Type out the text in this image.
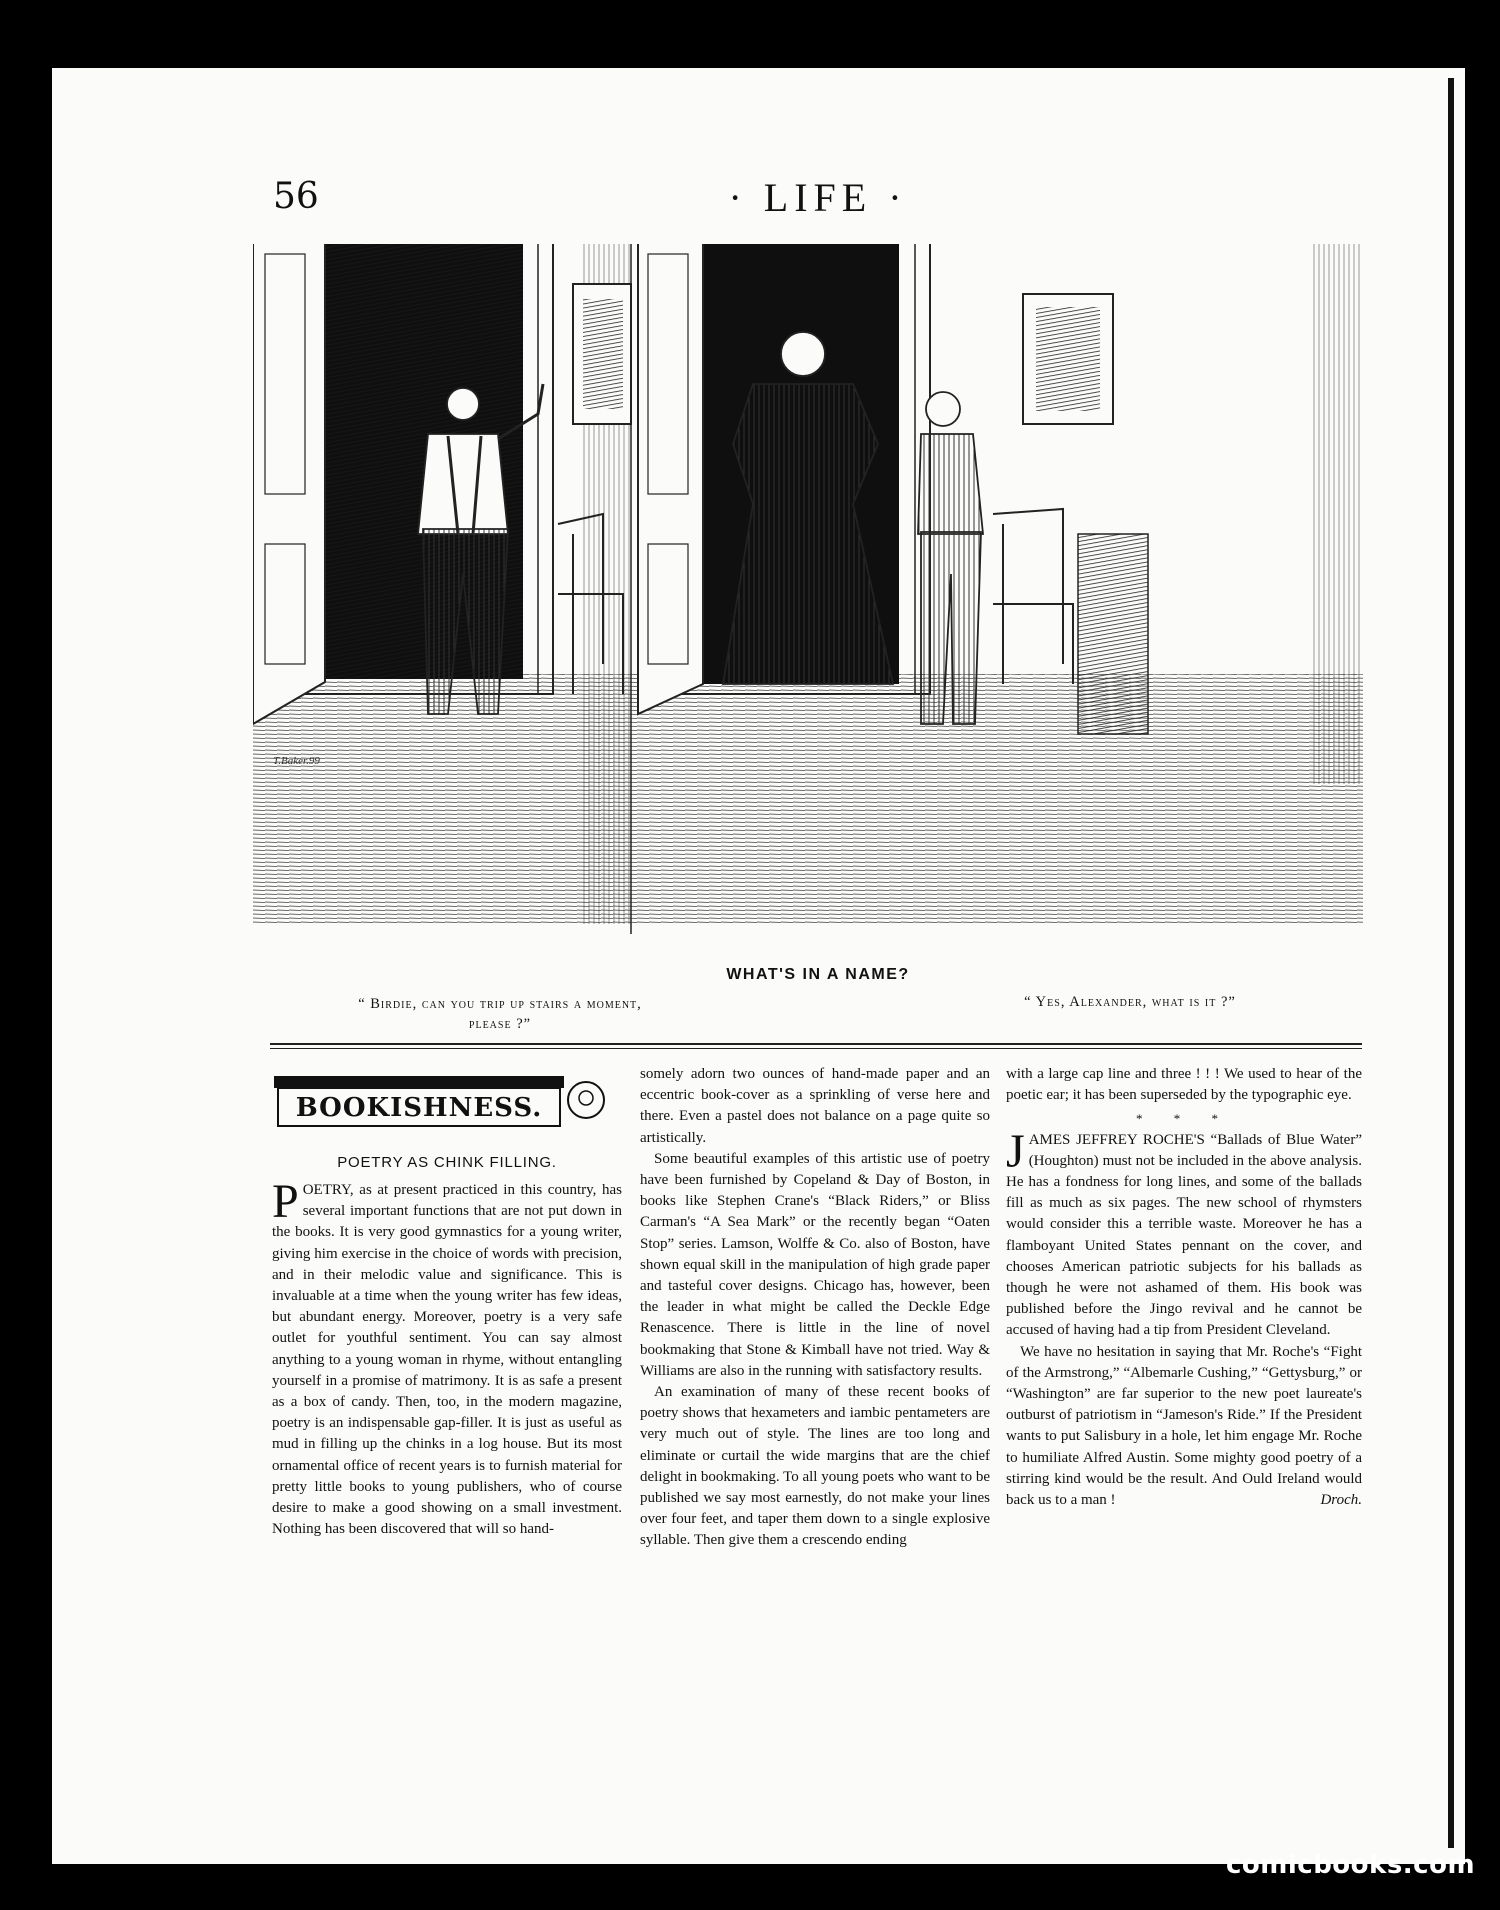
56	· LIFE ·
T.Baker.99
WHAT'S IN A NAME?
“ Birdie, can you trip up stairs a moment,
please ?”
“ Yes, Alexander, what is it ?”
BOOKISHNESS.
POETRY AS CHINK FILLING.

POETRY, as at present practiced in this country, has several important functions that are not put down in the books. It is very good gymnastics for a young writer, giving him exercise in the choice of words with precision, and in their melodic value and significance. This is invaluable at a time when the young writer has few ideas, but abundant energy. Moreover, poetry is a very safe outlet for youthful sentiment. You can say almost anything to a young woman in rhyme, without entangling yourself in a promise of matrimony. It is as safe a present as a box of candy. Then, too, in the modern magazine, poetry is an indispensable gap-filler. It is just as useful as mud in filling up the chinks in a log house. But its most ornamental office of recent years is to furnish material for pretty little books to young publishers, who of course desire to make a good showing on a small investment. Nothing has been discovered that will so hand-

somely adorn two ounces of hand-made paper and an eccentric book-cover as a sprinkling of verse here and there. Even a pastel does not balance on a page quite so artistically.

Some beautiful examples of this artistic use of poetry have been furnished by Copeland & Day of Boston, in books like Stephen Crane's “Black Riders,” or Bliss Carman's “A Sea Mark” or the recently began “Oaten Stop” series. Lamson, Wolffe & Co. also of Boston, have shown equal skill in the manipulation of high grade paper and tasteful cover designs. Chicago has, however, been the leader in what might be called the Deckle Edge Renascence. There is little in the line of novel bookmaking that Stone & Kimball have not tried. Way & Williams are also in the running with satisfactory results.

An examination of many of these recent books of poetry shows that hexameters and iambic pentameters are very much out of style. The lines are too long and eliminate or curtail the wide margins that are the chief delight in bookmaking. To all young poets who want to be published we say most earnestly, do not make your lines over four feet, and taper them down to a single explosive syllable. Then give them a crescendo ending

with a large cap line and three ! ! ! We used to hear of the poetic ear; it has been superseded by the typographic eye.

* * *

JAMES JEFFREY ROCHE'S “Ballads of Blue Water” (Houghton) must not be included in the above analysis. He has a fondness for long lines, and some of the ballads fill as much as six pages. The new school of rhymsters would consider this a terrible waste. Moreover he has a flamboyant United States pennant on the cover, and chooses American patriotic subjects for his ballads as though he were not ashamed of them. His book was published before the Jingo revival and he cannot be accused of having had a tip from President Cleveland.

We have no hesitation in saying that Mr. Roche's “Fight of the Armstrong,” “Albemarle Cushing,” “Gettysburg,” or “Washington” are far superior to the new poet laureate's outburst of patriotism in “Jameson's Ride.” If the President wants to put Salisbury in a hole, let him engage Mr. Roche to humiliate Alfred Austin. Some mighty good poetry of a stirring kind would be the result. And Ould Ireland would back us to a man !	Droch.

comicbooks.com
